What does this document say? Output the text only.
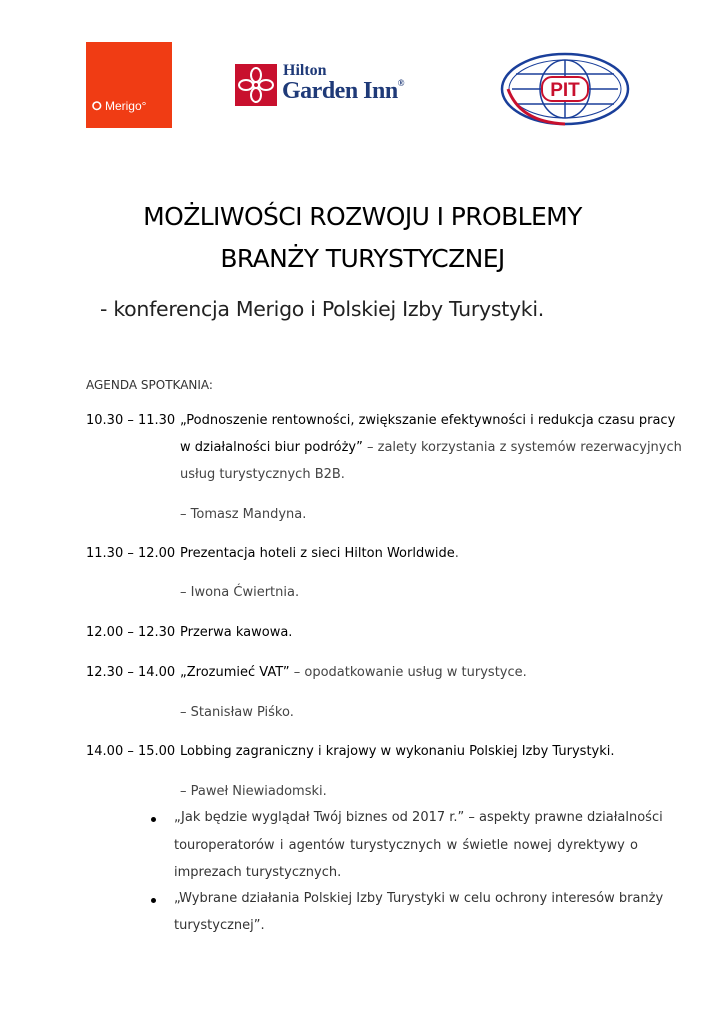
⭘ Merigo°
Hilton
Garden Inn®	PIT
MOŻLIWOŚCI ROZWOJU I PROBLEMY
BRANŻY TURYSTYCZNEJ
- konferencja Merigo i Polskiej Izby Turystyki.
AGENDA SPOTKANIA:
10.30 – 11.30 „Podnoszenie rentowności, zwiększanie efektywności i redukcja czasu pracy
w działalności biur podróży” – zalety korzystania z systemów rezerwacyjnych
usług turystycznych B2B.
– Tomasz Mandyna.
11.30 – 12.00 Prezentacja hoteli z sieci Hilton Worldwide.
– Iwona Ćwiertnia.
12.00 – 12.30 Przerwa kawowa.
12.30 – 14.00 „Zrozumieć VAT” – opodatkowanie usług w turystyce.
– Stanisław Piśko.
14.00 – 15.00 Lobbing zagraniczny i krajowy w wykonaniu Polskiej Izby Turystyki.
– Paweł Niewiadomski.
„Jak będzie wyglądał Twój biznes od 2017 r.” – aspekty prawne działalności
touroperatorów i agentów turystycznych w świetle nowej dyrektywy o
imprezach turystycznych.
„Wybrane działania Polskiej Izby Turystyki w celu ochrony interesów branży
turystycznej”.
